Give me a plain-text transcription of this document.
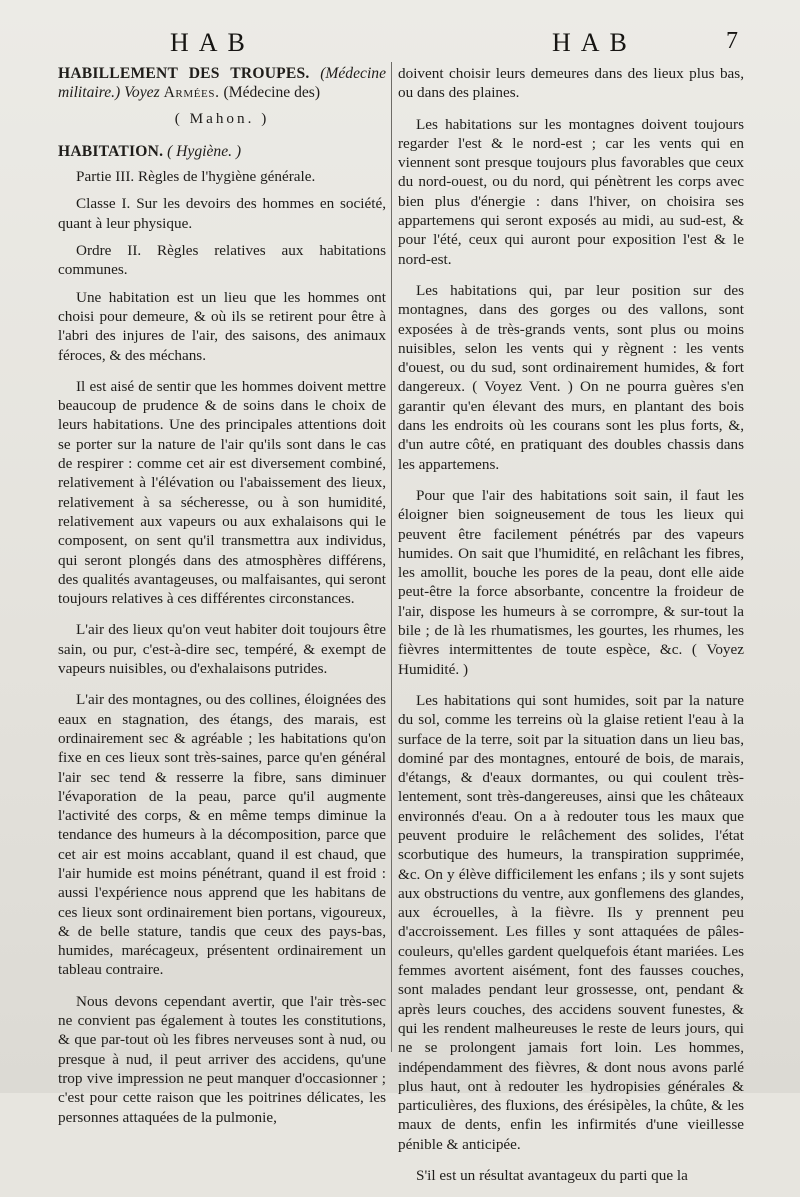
HAB	HAB	7

HABILLEMENT DES TROUPES. (Médecine militaire.) Voyez Armées. (Médecine des)

( Mahon. )

HABITATION. ( Hygiène. )

Partie III. Règles de l'hygiène générale.

Classe I. Sur les devoirs des hommes en société, quant à leur physique.

Ordre II. Règles relatives aux habitations communes.

Une habitation est un lieu que les hommes ont choisi pour demeure, & où ils se retirent pour être à l'abri des injures de l'air, des saisons, des animaux féroces, & des méchans.

Il est aisé de sentir que les hommes doivent mettre beaucoup de prudence & de soins dans le choix de leurs habitations. Une des principales attentions doit se porter sur la nature de l'air qu'ils sont dans le cas de respirer : comme cet air est diversement combiné, relativement à l'élévation ou l'abaissement des lieux, relativement à sa sécheresse, ou à son humidité, relativement aux vapeurs ou aux exhalaisons qui le composent, on sent qu'il transmettra aux individus, qui seront plongés dans des atmosphères différens, des qualités avantageuses, ou malfaisantes, qui seront toujours relatives à ces différentes circonstances.

L'air des lieux qu'on veut habiter doit toujours être sain, ou pur, c'est-à-dire sec, tempéré, & exempt de vapeurs nuisibles, ou d'exhalaisons putrides.

L'air des montagnes, ou des collines, éloignées des eaux en stagnation, des étangs, des marais, est ordinairement sec & agréable ; les habitations qu'on fixe en ces lieux sont très-saines, parce qu'en général l'air sec tend & resserre la fibre, sans diminuer l'évaporation de la peau, parce qu'il augmente l'activité des corps, & en même temps diminue la tendance des humeurs à la décomposition, parce que cet air est moins accablant, quand il est chaud, que l'air humide est moins pénétrant, quand il est froid : aussi l'expérience nous apprend que les habitans de ces lieux sont ordinairement bien portans, vigoureux, & de belle stature, tandis que ceux des pays-bas, humides, marécageux, présentent ordinairement un tableau contraire.

Nous devons cependant avertir, que l'air très-sec ne convient pas également à toutes les constitutions, & que par-tout où les fibres nerveuses sont à nud, ou presque à nud, il peut arriver des accidens, qu'une trop vive impression ne peut manquer d'occasionner ; c'est pour cette raison que les poitrines délicates, les personnes attaquées de la pulmonie,

doivent choisir leurs demeures dans des lieux plus bas, ou dans des plaines.

Les habitations sur les montagnes doivent toujours regarder l'est & le nord-est ; car les vents qui en viennent sont presque toujours plus favorables que ceux du nord-ouest, ou du nord, qui pénètrent les corps avec bien plus d'énergie : dans l'hiver, on choisira ses appartemens qui seront exposés au midi, au sud-est, & pour l'été, ceux qui auront pour exposition l'est & le nord-est.

Les habitations qui, par leur position sur des montagnes, dans des gorges ou des vallons, sont exposées à de très-grands vents, sont plus ou moins nuisibles, selon les vents qui y règnent : les vents d'ouest, ou du sud, sont ordinairement humides, & fort dangereux. ( Voyez Vent. ) On ne pourra guères s'en garantir qu'en élevant des murs, en plantant des bois dans les endroits où les courans sont les plus forts, &, d'un autre côté, en pratiquant des doubles chassis dans les appartemens.

Pour que l'air des habitations soit sain, il faut les éloigner bien soigneusement de tous les lieux qui peuvent être facilement pénétrés par des vapeurs humides. On sait que l'humidité, en relâchant les fibres, les amollit, bouche les pores de la peau, dont elle aide peut-être la force absorbante, concentre la froideur de l'air, dispose les humeurs à se corrompre, & sur-tout la bile ; de là les rhumatismes, les gourtes, les rhumes, les fièvres intermittentes de toute espèce, &c. ( Voyez Humidité. )

Les habitations qui sont humides, soit par la nature du sol, comme les terreins où la glaise retient l'eau à la surface de la terre, soit par la situation dans un lieu bas, dominé par des montagnes, entouré de bois, de marais, d'étangs, & d'eaux dormantes, ou qui coulent très-lentement, sont très-dangereuses, ainsi que les châteaux environnés d'eau. On a à redouter tous les maux que peuvent produire le relâchement des solides, l'état scorbutique des humeurs, la transpiration supprimée, &c. On y élève difficilement les enfans ; ils y sont sujets aux obstructions du ventre, aux gonflemens des glandes, aux écrouelles, à la fièvre. Ils y prennent peu d'accroissement. Les filles y sont attaquées de pâles-couleurs, qu'elles gardent quelquefois étant mariées. Les femmes avortent aisément, font des fausses couches, sont malades pendant leur grossesse, ont, pendant & après leurs couches, des accidens souvent funestes, & qui les rendent malheureuses le reste de leurs jours, qui ne se prolongent jamais fort loin. Les hommes, indépendamment des fièvres, & dont nous avons parlé plus haut, ont à redouter les hydropisies générales & particulières, des fluxions, des érésipèles, la chûte, & les maux de dents, enfin les infirmités d'une vieillesse pénible & anticipée.

S'il est un résultat avantageux du parti que la
